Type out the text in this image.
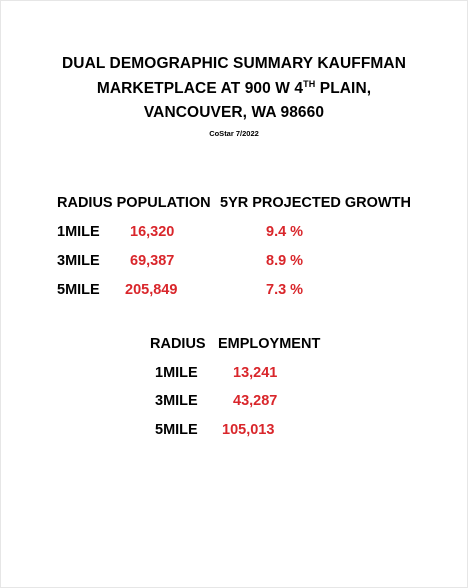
DUAL DEMOGRAPHIC SUMMARY KAUFFMAN
MARKETPLACE AT 900 W 4TH PLAIN,
VANCOUVER, WA 98660
CoStar 7/2022
RADIUS POPULATION 5YR PROJECTED GROWTH
1MILE 16,320	9.4 %
3MILE 69,387	8.9 %
5MILE 205,849	7.3 %
RADIUS EMPLOYMENT
1MILE 13,241
3MILE 43,287
5MILE 105,013
